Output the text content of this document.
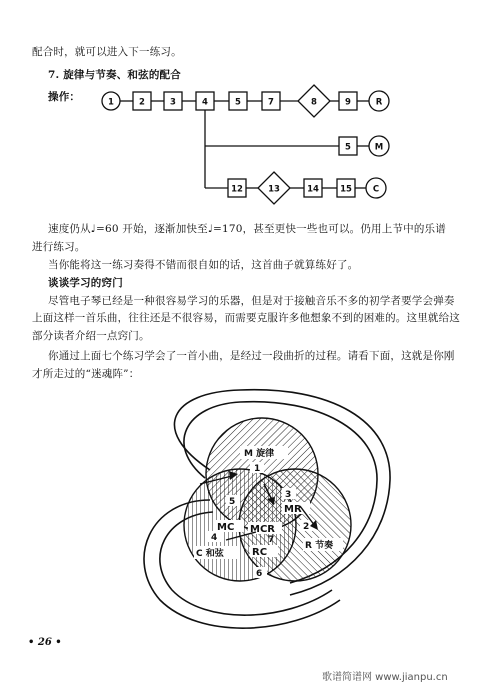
配合时，就可以进入下一练习。
7. 旋律与节奏、和弦的配合
操作：	1	2	3	4	5	7	8	9	R
5	M
12	13	14 15 C
速度仍从♩=60 开始，逐渐加快至♩=170，甚至更快一些也可以。仍用上节中的乐谱
进行练习。
当你能将这一练习奏得不错而很自如的话，这首曲子就算练好了。
谈谈学习的窍门
尽管电子琴已经是一种很容易学习的乐器，但是对于接触音乐不多的初学者要学会弹奏
上面这样一首乐曲，往往还是不很容易，而需要克服许多他想象不到的困难的。这里就给这
部分读者介绍一点窍门。
你通过上面七个练习学会了一首小曲，是经过一段曲折的过程。请看下面，这就是你刚
才所走过的“迷魂阵”：
M 旋律
R 节奏
C 和弦
MC
MR
MCR
RC
1
2
3
4
5
6
7
• 26 •
歌谱简谱网 www.jianpu.cn
